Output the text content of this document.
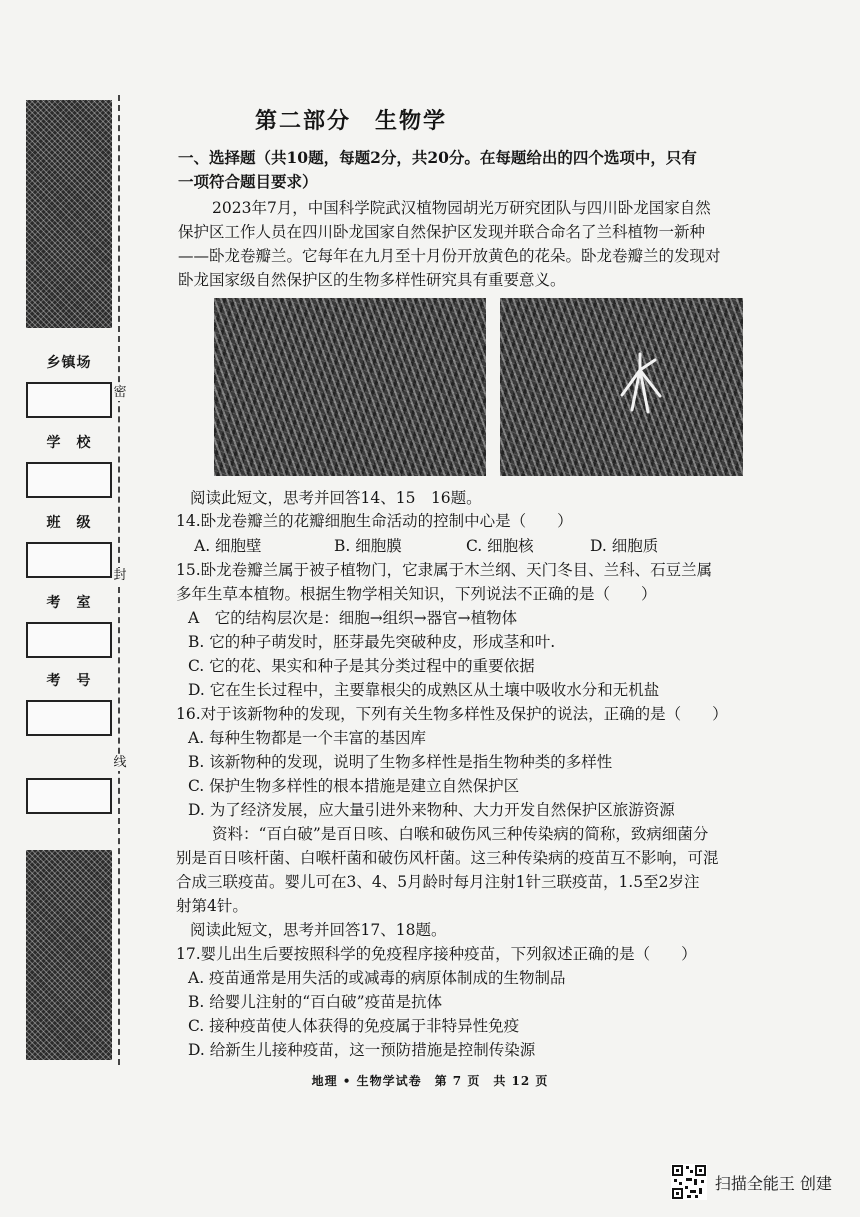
密
封
线
乡镇场
学　校
班　级
考　室
考　号
第二部分　生物学
一、选择题（共10题，每题2分，共20分。在每题给出的四个选项中，只有
一项符合题目要求）
2023年7月，中国科学院武汉植物园胡光万研究团队与四川卧龙国家自然
保护区工作人员在四川卧龙国家自然保护区发现并联合命名了兰科植物一新种
——卧龙卷瓣兰。它每年在九月至十月份开放黄色的花朵。卧龙卷瓣兰的发现对
卧龙国家级自然保护区的生物多样性研究具有重要意义。
阅读此短文，思考并回答14、15　16题。
14.卧龙卷瓣兰的花瓣细胞生命活动的控制中心是（　　）
A. 细胞壁	B. 细胞膜	C. 细胞核	D. 细胞质
15.卧龙卷瓣兰属于被子植物门，它隶属于木兰纲、天门冬目、兰科、石豆兰属
多年生草本植物。根据生物学相关知识，下列说法不正确的是（　　）
A　它的结构层次是：细胞→组织→器官→植物体
B. 它的种子萌发时，胚芽最先突破种皮，形成茎和叶.
C. 它的花、果实和种子是其分类过程中的重要依据
D. 它在生长过程中，主要靠根尖的成熟区从土壤中吸收水分和无机盐
16.对于该新物种的发现，下列有关生物多样性及保护的说法，正确的是（　　）
A. 每种生物都是一个丰富的基因库
B. 该新物种的发现，说明了生物多样性是指生物种类的多样性
C. 保护生物多样性的根本措施是建立自然保护区
D. 为了经济发展，应大量引进外来物种、大力开发自然保护区旅游资源
资料：“百白破”是百日咳、白喉和破伤风三种传染病的简称，致病细菌分
别是百日咳杆菌、白喉杆菌和破伤风杆菌。这三种传染病的疫苗互不影响，可混
合成三联疫苗。婴儿可在3、4、5月龄时每月注射1针三联疫苗，1.5至2岁注
射第4针。
阅读此短文，思考并回答17、18题。
17.婴儿出生后要按照科学的免疫程序接种疫苗，下列叙述正确的是（　　）
A. 疫苗通常是用失活的或减毒的病原体制成的生物制品
B. 给婴儿注射的“百白破”疫苗是抗体
C. 接种疫苗使人体获得的免疫属于非特异性免疫
D. 给新生儿接种疫苗，这一预防措施是控制传染源
地理 • 生物学试卷　第 7 页　共 12 页
扫描全能王 创建
